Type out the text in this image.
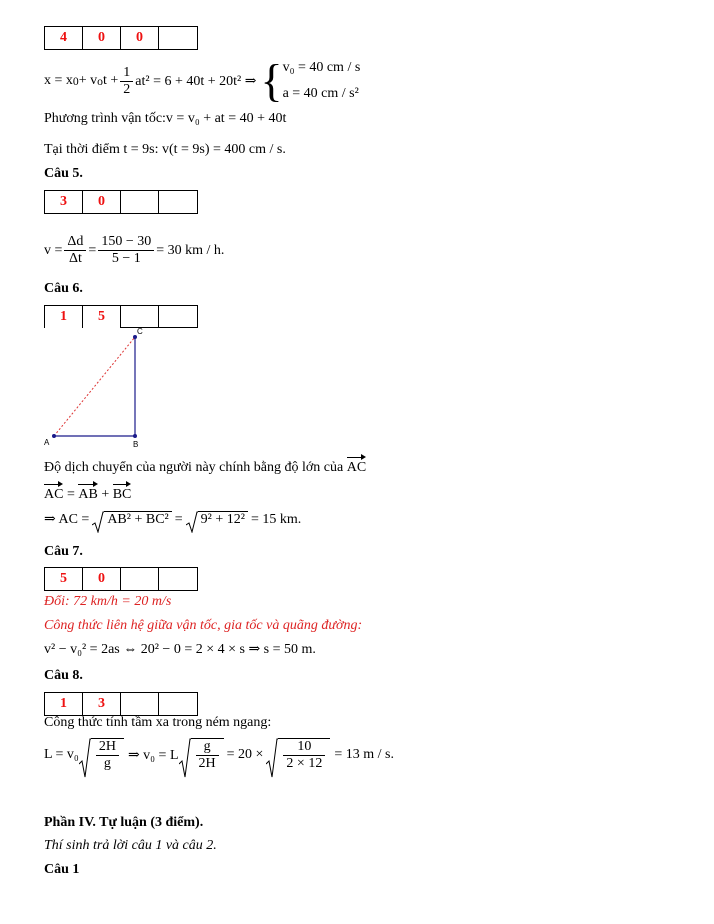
4	0	0
x = x 0 + v o $t + \frac{1}{2} at^2 = 6 + 40t + 20t^2$ ⇒ { v₀ = 40 cm / s
a = 40 cm / s²
Phương trình vận tốc:v = v₀ + at = 40 + 40t
Tại thời điểm t = 9s: v(t = 9s) = 400 cm / s.
Câu 5.
3	0
$v = \frac{\Delta d}{\Delta t} = \frac{150 - 30}{5 - 1} = 30$ km / h.
Câu 6.
1	5
A	B
C
Độ dịch chuyển của người này chính bằng độ lớn của AC
AC = AB + BC
⇒ AC =	AB² + BC² =	9² + 12² = 15 km.
Câu 7.
5	0
Đổi: 72 km/h = 20 m/s
Công thức liên hệ giữa vận tốc, gia tốc và quãng đường:
v² − v₀² = 2as ⇔ 20² − 0 = 2 × 4 × s ⇒ s = 50 m.
Câu 8.
1	3
Công thức tính tầm xa trong ném ngang:
$L = v_0 \frac{2H}{g}$ ⇒ v₀ = L $\frac{g}{2H} = 20 \times \frac{10}{2 \times 12} = 13$ m / s.
Phần IV. Tự luận (3 điểm).
Thí sinh trả lời câu 1 và câu 2.
Câu 1
